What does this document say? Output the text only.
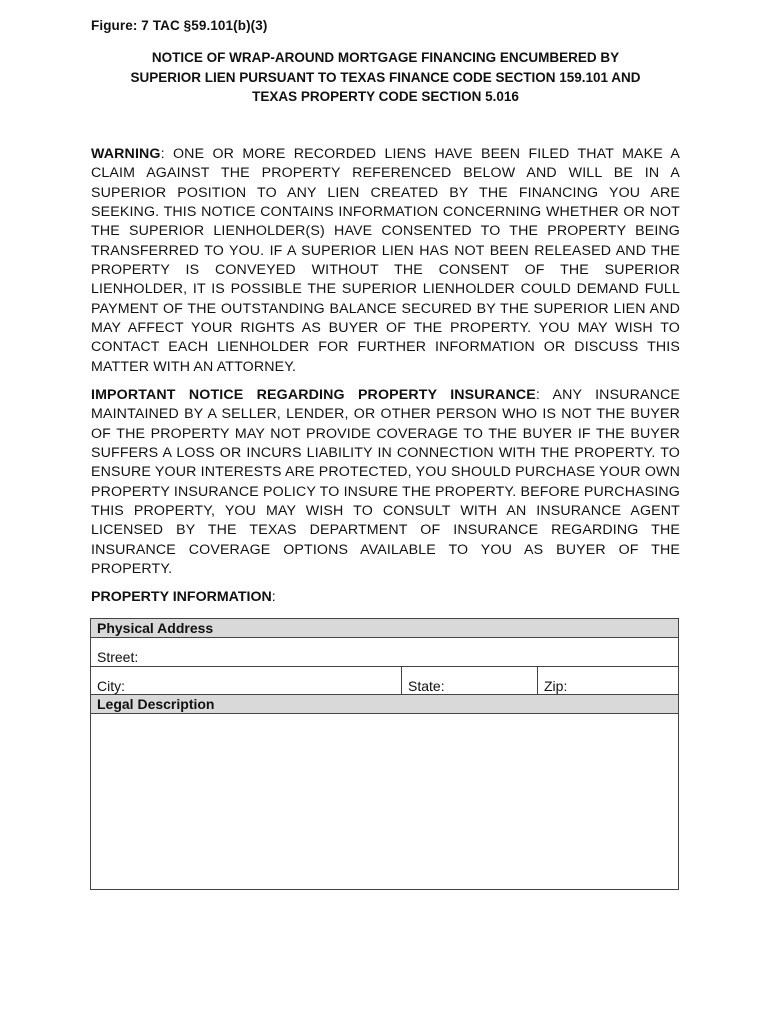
Figure: 7 TAC §59.101(b)(3)
NOTICE OF WRAP-AROUND MORTGAGE FINANCING ENCUMBERED BY
SUPERIOR LIEN PURSUANT TO TEXAS FINANCE CODE SECTION 159.101 AND
TEXAS PROPERTY CODE SECTION 5.016

WARNING: ONE OR MORE RECORDED LIENS HAVE BEEN FILED THAT MAKE A CLAIM AGAINST THE PROPERTY REFERENCED BELOW AND WILL BE IN A SUPERIOR POSITION TO ANY LIEN CREATED BY THE FINANCING YOU ARE SEEKING. THIS NOTICE CONTAINS INFORMATION CONCERNING WHETHER OR NOT THE SUPERIOR LIENHOLDER(S) HAVE CONSENTED TO THE PROPERTY BEING TRANSFERRED TO YOU. IF A SUPERIOR LIEN HAS NOT BEEN RELEASED AND THE PROPERTY IS CONVEYED WITHOUT THE CONSENT OF THE SUPERIOR LIENHOLDER, IT IS POSSIBLE THE SUPERIOR LIENHOLDER COULD DEMAND FULL PAYMENT OF THE OUTSTANDING BALANCE SECURED BY THE SUPERIOR LIEN AND MAY AFFECT YOUR RIGHTS AS BUYER OF THE PROPERTY. YOU MAY WISH TO CONTACT EACH LIENHOLDER FOR FURTHER INFORMATION OR DISCUSS THIS MATTER WITH AN ATTORNEY.

IMPORTANT NOTICE REGARDING PROPERTY INSURANCE: ANY INSURANCE MAINTAINED BY A SELLER, LENDER, OR OTHER PERSON WHO IS NOT THE BUYER OF THE PROPERTY MAY NOT PROVIDE COVERAGE TO THE BUYER IF THE BUYER SUFFERS A LOSS OR INCURS LIABILITY IN CONNECTION WITH THE PROPERTY. TO ENSURE YOUR INTERESTS ARE PROTECTED, YOU SHOULD PURCHASE YOUR OWN PROPERTY INSURANCE POLICY TO INSURE THE PROPERTY. BEFORE PURCHASING THIS PROPERTY, YOU MAY WISH TO CONSULT WITH AN INSURANCE AGENT LICENSED BY THE TEXAS DEPARTMENT OF INSURANCE REGARDING THE INSURANCE COVERAGE OPTIONS AVAILABLE TO YOU AS BUYER OF THE PROPERTY.

PROPERTY INFORMATION:
Physical Address
Street:
City:	State:	Zip:
Legal Description
